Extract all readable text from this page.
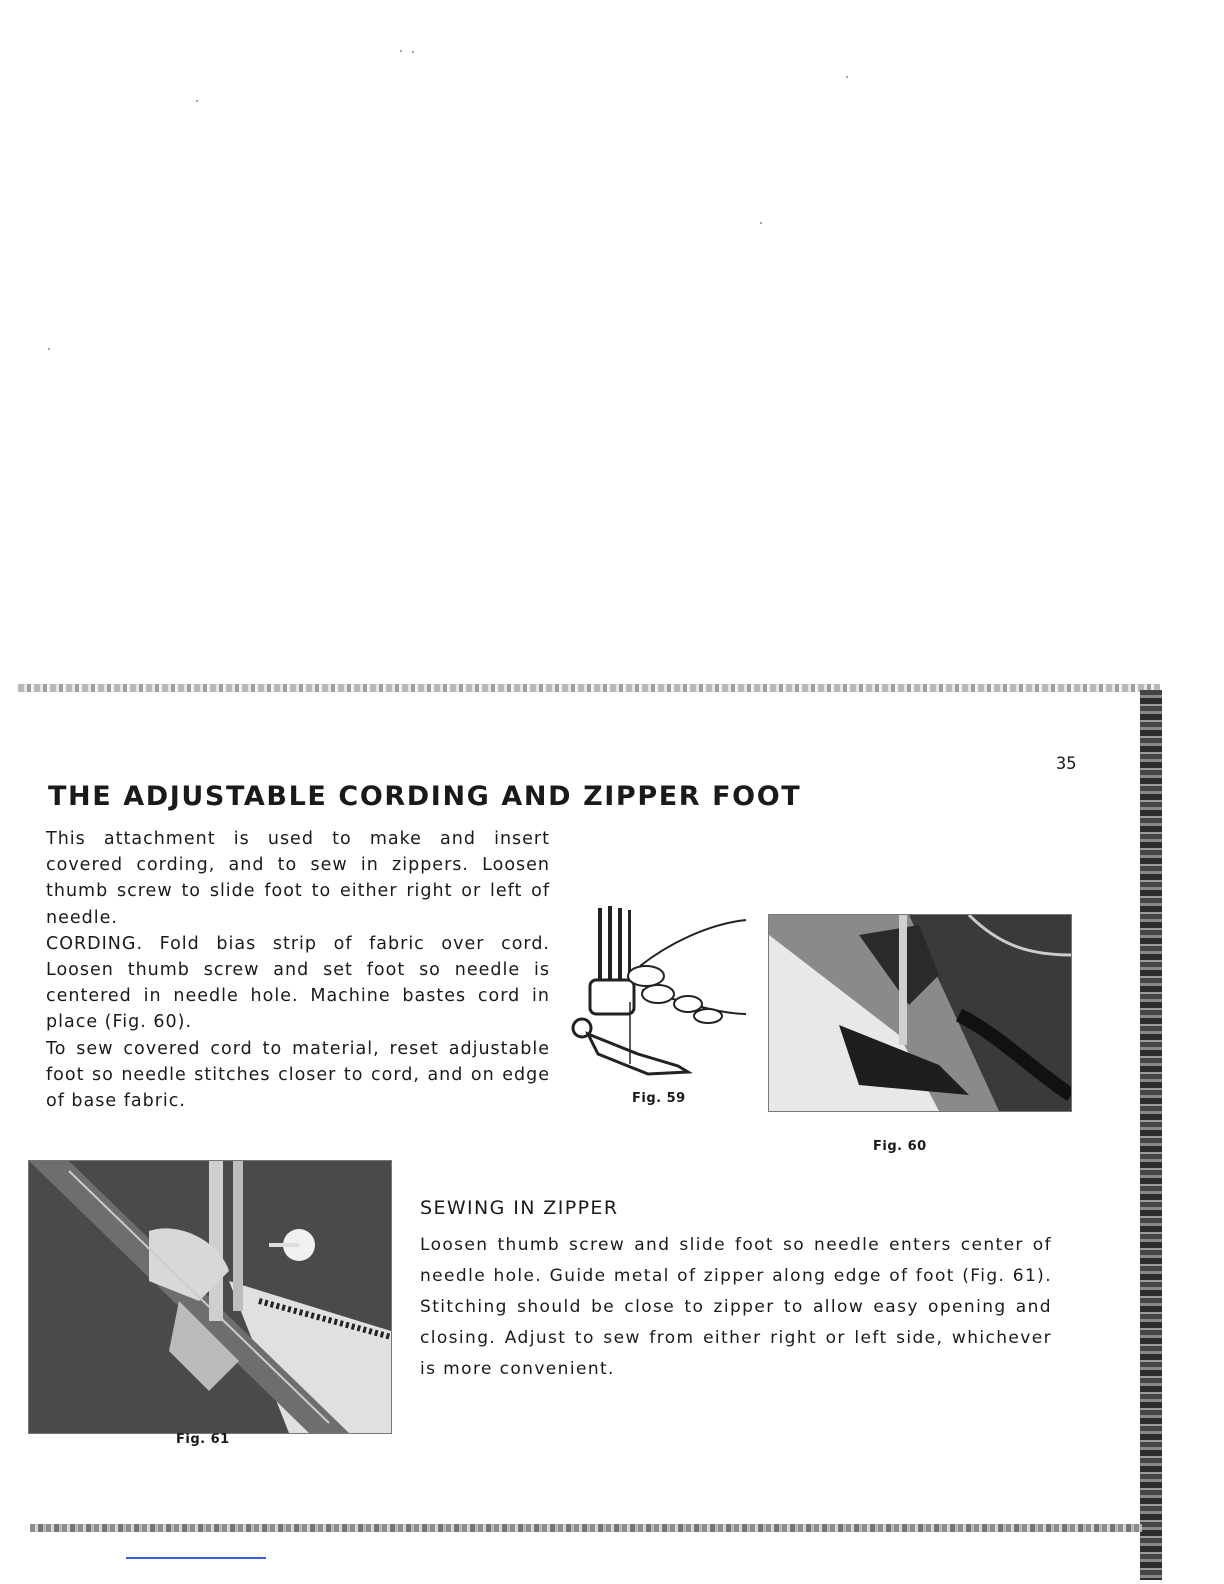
35
THE ADJUSTABLE CORDING AND ZIPPER FOOT

This attachment is used to make and insert covered cording, and to sew in zippers. Loosen thumb screw to slide foot to either right or left of needle.

CORDING. Fold bias strip of fabric over cord. Loosen thumb screw and set foot so needle is centered in needle hole. Machine bastes cord in place (Fig. 60).

To sew covered cord to material, reset adjustable foot so needle stitches closer to cord, and on edge of base fabric.	Fig. 59
Fig. 60
Fig. 61
SEWING IN ZIPPER

Loosen thumb screw and slide foot so needle enters center of needle hole. Guide metal of zipper along edge of foot (Fig. 61). Stitching should be close to zipper to allow easy opening and closing. Adjust to sew from either right or left side, whichever is more convenient.
